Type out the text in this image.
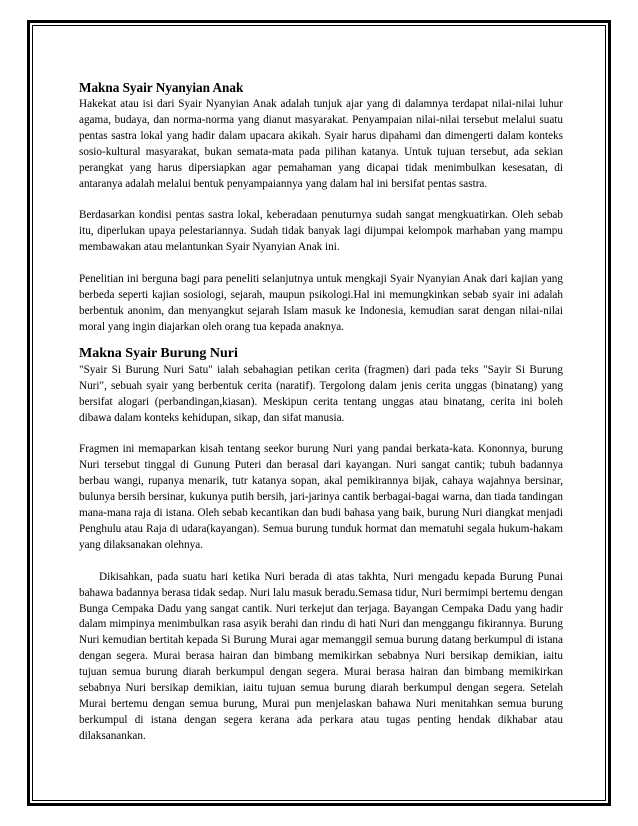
Makna Syair Nyanyian Anak

Hakekat atau isi dari Syair Nyanyian Anak adalah tunjuk ajar yang di dalamnya terdapat nilai-nilai luhur agama, budaya, dan norma-norma yang dianut masyarakat. Penyampaian nilai-nilai tersebut melalui suatu pentas sastra lokal yang hadir dalam upacara akikah. Syair harus dipahami dan dimengerti dalam konteks sosio-kultural masyarakat, bukan semata-mata pada pilihan katanya. Untuk tujuan tersebut, ada sekian perangkat yang harus dipersiapkan agar pemahaman yang dicapai tidak menimbulkan kesesatan, di antaranya adalah melalui bentuk penyampaiannya yang dalam hal ini bersifat pentas sastra.

Berdasarkan kondisi pentas sastra lokal, keberadaan penuturnya sudah sangat mengkuatirkan. Oleh sebab itu, diperlukan upaya pelestariannya. Sudah tidak banyak lagi dijumpai kelompok marhaban yang mampu membawakan atau melantunkan Syair Nyanyian Anak ini.

Penelitian ini berguna bagi para peneliti selanjutnya untuk mengkaji Syair Nyanyian Anak dari kajian yang berbeda seperti kajian sosiologi, sejarah, maupun psikologi.Hal ini memungkinkan sebab syair ini adalah berbentuk anonim, dan menyangkut sejarah Islam masuk ke Indonesia, kemudian sarat dengan nilai-nilai moral yang ingin diajarkan oleh orang tua kepada anaknya.

Makna Syair Burung Nuri

"Syair Si Burung Nuri Satu" ialah sebahagian petikan cerita (fragmen) dari pada teks "Sayir Si Burung Nuri", sebuah syair yang berbentuk cerita (naratif). Tergolong dalam jenis cerita unggas (binatang) yang bersifat alogari (perbandingan,kiasan). Meskipun cerita tentang unggas atau binatang, cerita ini boleh dibawa dalam konteks kehidupan, sikap, dan sifat manusia.

Fragmen ini memaparkan kisah tentang seekor burung Nuri yang pandai berkata-kata. Kononnya, burung Nuri tersebut tinggal di Gunung Puteri dan berasal dari kayangan. Nuri sangat cantik; tubuh badannya berbau wangi, rupanya menarik, tutr katanya sopan, akal pemikirannya bijak, cahaya wajahnya bersinar, bulunya bersih bersinar, kukunya putih bersih, jari-jarinya cantik berbagai-bagai warna, dan tiada tandingan mana-mana raja di istana. Oleh sebab kecantikan dan budi bahasa yang baik, burung Nuri diangkat menjadi Penghulu atau Raja di udara(kayangan). Semua burung tunduk hormat dan mematuhi segala hukum-hakam yang dilaksanakan olehnya.

Dikisahkan, pada suatu hari ketika Nuri berada di atas takhta, Nuri mengadu kepada Burung Punai bahawa badannya berasa tidak sedap. Nuri lalu masuk beradu.Semasa tidur, Nuri bermimpi bertemu dengan Bunga Cempaka Dadu yang sangat cantik. Nuri terkejut dan terjaga. Bayangan Cempaka Dadu yang hadir dalam mimpinya menimbulkan rasa asyik berahi dan rindu di hati Nuri dan menggangu fikirannya. Burung Nuri kemudian bertitah kepada Si Burung Murai agar memanggil semua burung datang berkumpul di istana dengan segera. Murai berasa hairan dan bimbang memikirkan sebabnya Nuri bersikap demikian, iaitu tujuan semua burung diarah berkumpul dengan segera. Murai berasa hairan dan bimbang memikirkan sebabnya Nuri bersikap demikian, iaitu tujuan semua burung diarah berkumpul dengan segera. Setelah Murai bertemu dengan semua burung, Murai pun menjelaskan bahawa Nuri menitahkan semua burung berkumpul di istana dengan segera kerana ada perkara atau tugas penting hendak dikhabar atau dilaksanankan.
